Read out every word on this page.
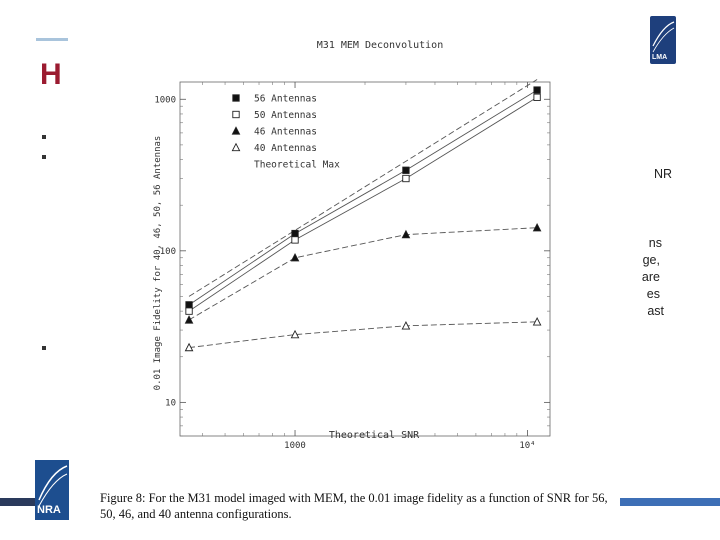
H
NR
ns
ge,
are
es
ast
LMA
NRA
M31 MEM Deconvolution
0.01 Image Fidelity for 40, 46, 50, 56 Antennas
Theoretical SNR
10
100
1000
1000	10⁴
56 Antennas
50 Antennas
46 Antennas
40 Antennas
Theoretical Max
Figure 8: For the M31 model imaged with MEM, the 0.01 image fidelity as a function of SNR for 56, 50, 46, and 40 antenna configurations.
